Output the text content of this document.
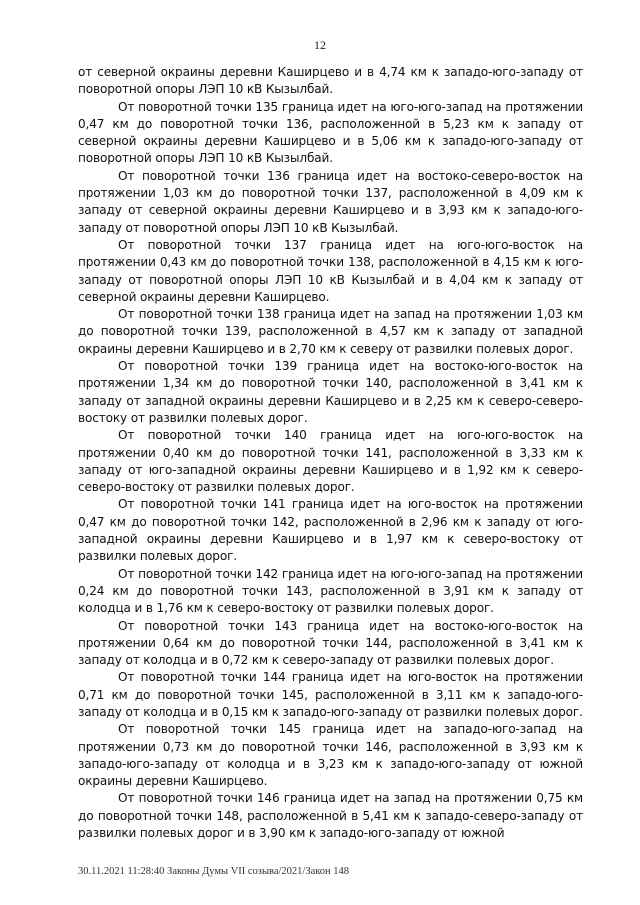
12

от северной окраины деревни Каширцево и в 4,74 км к западо-юго-западу от поворотной опоры ЛЭП 10 кВ Кызылбай.

От поворотной точки 135 граница идет на юго-юго-запад на протяжении 0,47 км до поворотной точки 136, расположенной в 5,23 км к западу от северной окраины деревни Каширцево и в 5,06 км к западо-юго-западу от поворотной опоры ЛЭП 10 кВ Кызылбай.

От поворотной точки 136 граница идет на востоко-северо-восток на протяжении 1,03 км до поворотной точки 137, расположенной в 4,09 км к западу от северной окраины деревни Каширцево и в 3,93 км к западо-юго-западу от поворотной опоры ЛЭП 10 кВ Кызылбай.

От поворотной точки 137 граница идет на юго-юго-восток на протяжении 0,43 км до поворотной точки 138, расположенной в 4,15 км к юго-западу от поворотной опоры ЛЭП 10 кВ Кызылбай и в 4,04 км к западу от северной окраины деревни Каширцево.

От поворотной точки 138 граница идет на запад на протяжении 1,03 км до поворотной точки 139, расположенной в 4,57 км к западу от западной окраины деревни Каширцево и в 2,70 км к северу от развилки полевых дорог.

От поворотной точки 139 граница идет на востоко-юго-восток на протяжении 1,34 км до поворотной точки 140, расположенной в 3,41 км к западу от западной окраины деревни Каширцево и в 2,25 км к северо-северо-востоку от развилки полевых дорог.

От поворотной точки 140 граница идет на юго-юго-восток на протяжении 0,40 км до поворотной точки 141, расположенной в 3,33 км к западу от юго-западной окраины деревни Каширцево и в 1,92 км к северо-северо-востоку от развилки полевых дорог.

От поворотной точки 141 граница идет на юго-восток на протяжении 0,47 км до поворотной точки 142, расположенной в 2,96 км к западу от юго-западной окраины деревни Каширцево и в 1,97 км к северо-востоку от развилки полевых дорог.

От поворотной точки 142 граница идет на юго-юго-запад на протяжении 0,24 км до поворотной точки 143, расположенной в 3,91 км к западу от колодца и в 1,76 км к северо-востоку от развилки полевых дорог.

От поворотной точки 143 граница идет на востоко-юго-восток на протяжении 0,64 км до поворотной точки 144, расположенной в 3,41 км к западу от колодца и в 0,72 км к северо-западу от развилки полевых дорог.

От поворотной точки 144 граница идет на юго-восток на протяжении 0,71 км до поворотной точки 145, расположенной в 3,11 км к западо-юго-западу от колодца и в 0,15 км к западо-юго-западу от развилки полевых дорог.

От поворотной точки 145 граница идет на западо-юго-запад на протяжении 0,73 км до поворотной точки 146, расположенной в 3,93 км к западо-юго-западу от колодца и в 3,23 км к западо-юго-западу от южной окраины деревни Каширцево.

От поворотной точки 146 граница идет на запад на протяжении 0,75 км до поворотной точки 148, расположенной в 5,41 км к западо-северо-западу от развилки полевых дорог и в 3,90 км к западо-юго-западу от южной

30.11.2021 11:28:40 Законы Думы VII созыва/2021/Закон 148
